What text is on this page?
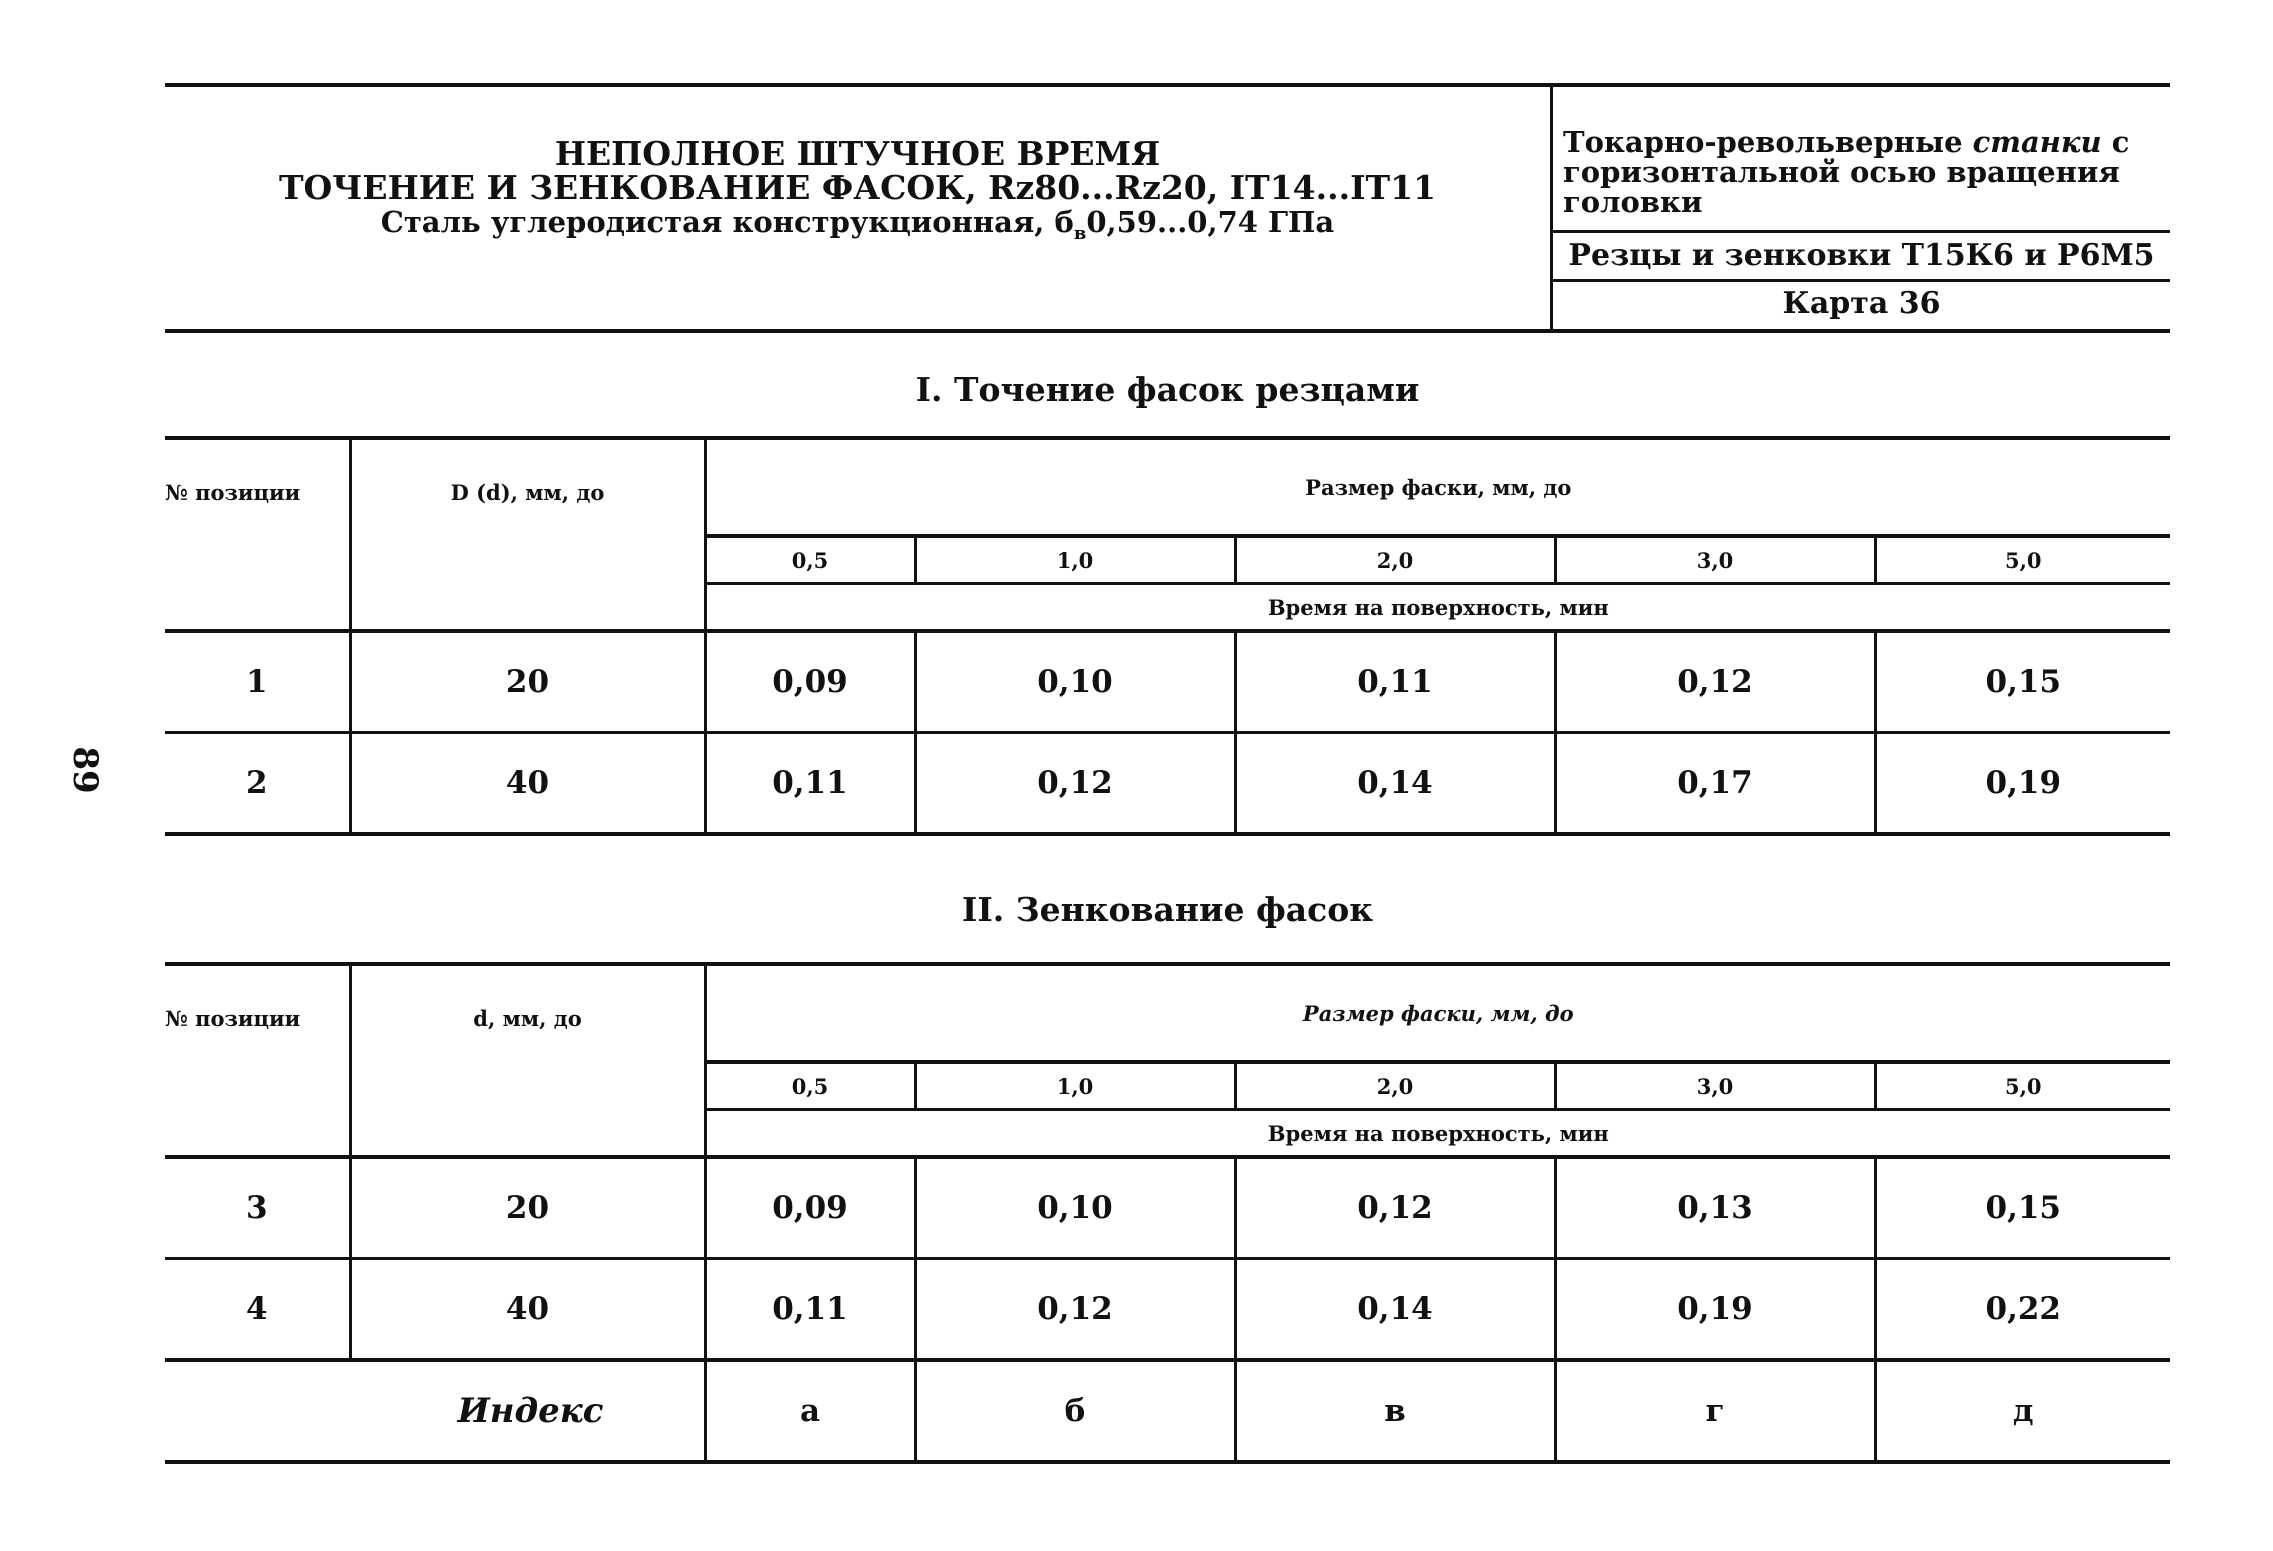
89
НЕПОЛНОЕ ШТУЧНОЕ ВРЕМЯ
ТОЧЕНИЕ И ЗЕНКОВАНИЕ ФАСОК, Rz80...Rz20, IT14...IT11
Сталь углеродистая конструкционная, $б_в0,59...0,74$ ГПа
Токарно-револьверные станки с
горизонтальной осью вращения головки
Резцы и зенковки Т15К6 и Р6М5
Карта 36
I. Точение фасок резцами
№ позиции	D (d), мм, до	Размер фаски, мм, до				
		0,5	1,0	2,0	3,0	5,0
		Время на поверхность, мин				
1	20	0,09	0,10	0,11	0,12	0,15
2	40	0,11	0,12	0,14	0,17	0,19
II. Зенкование фасок
№ позиции	d, мм, до	Размер фаски, мм, до				
		0,5	1,0	2,0	3,0	5,0
		Время на поверхность, мин				
3	20	0,09	0,10	0,12	0,13	0,15
4	40	0,11	0,12	0,14	0,19	0,22
Индекс		а	б	в	г	д
